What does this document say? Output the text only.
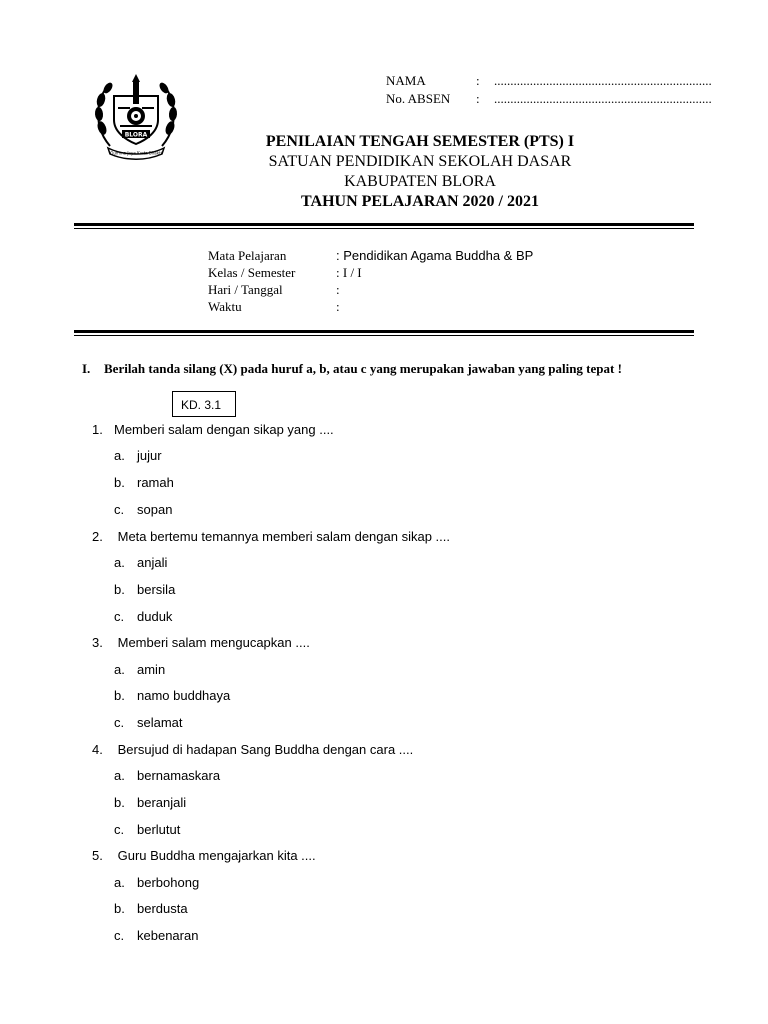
BLORA
Gumma Jaya Karta Bhakti
NAMA	: ...................................................................
No. ABSEN : ...................................................................
PENILAIAN TENGAH SEMESTER (PTS) I
SATUAN PENDIDIKAN SEKOLAH DASAR
KABUPATEN BLORA
TAHUN PELAJARAN 2020 / 2021
Mata Pelajaran	: Pendidikan Agama Buddha & BP
Kelas / Semester	: I / I
Hari / Tanggal	:
Waktu	:
I. Berilah tanda silang (X) pada huruf a, b, atau c yang merupakan jawaban yang paling tepat !
KD. 3.1
1. Memberi salam dengan sikap yang ....
a. jujur
b. ramah
c. sopan
2. Meta bertemu temannya memberi salam dengan sikap ....
a. anjali
b. bersila
c. duduk
3. Memberi salam mengucapkan ....
a. amin
b. namo buddhaya
c. selamat
4. Bersujud di hadapan Sang Buddha dengan cara ....
a. bernamaskara
b. beranjali
c. berlutut
5. Guru Buddha mengajarkan kita ....
a. berbohong
b. berdusta
c. kebenaran
